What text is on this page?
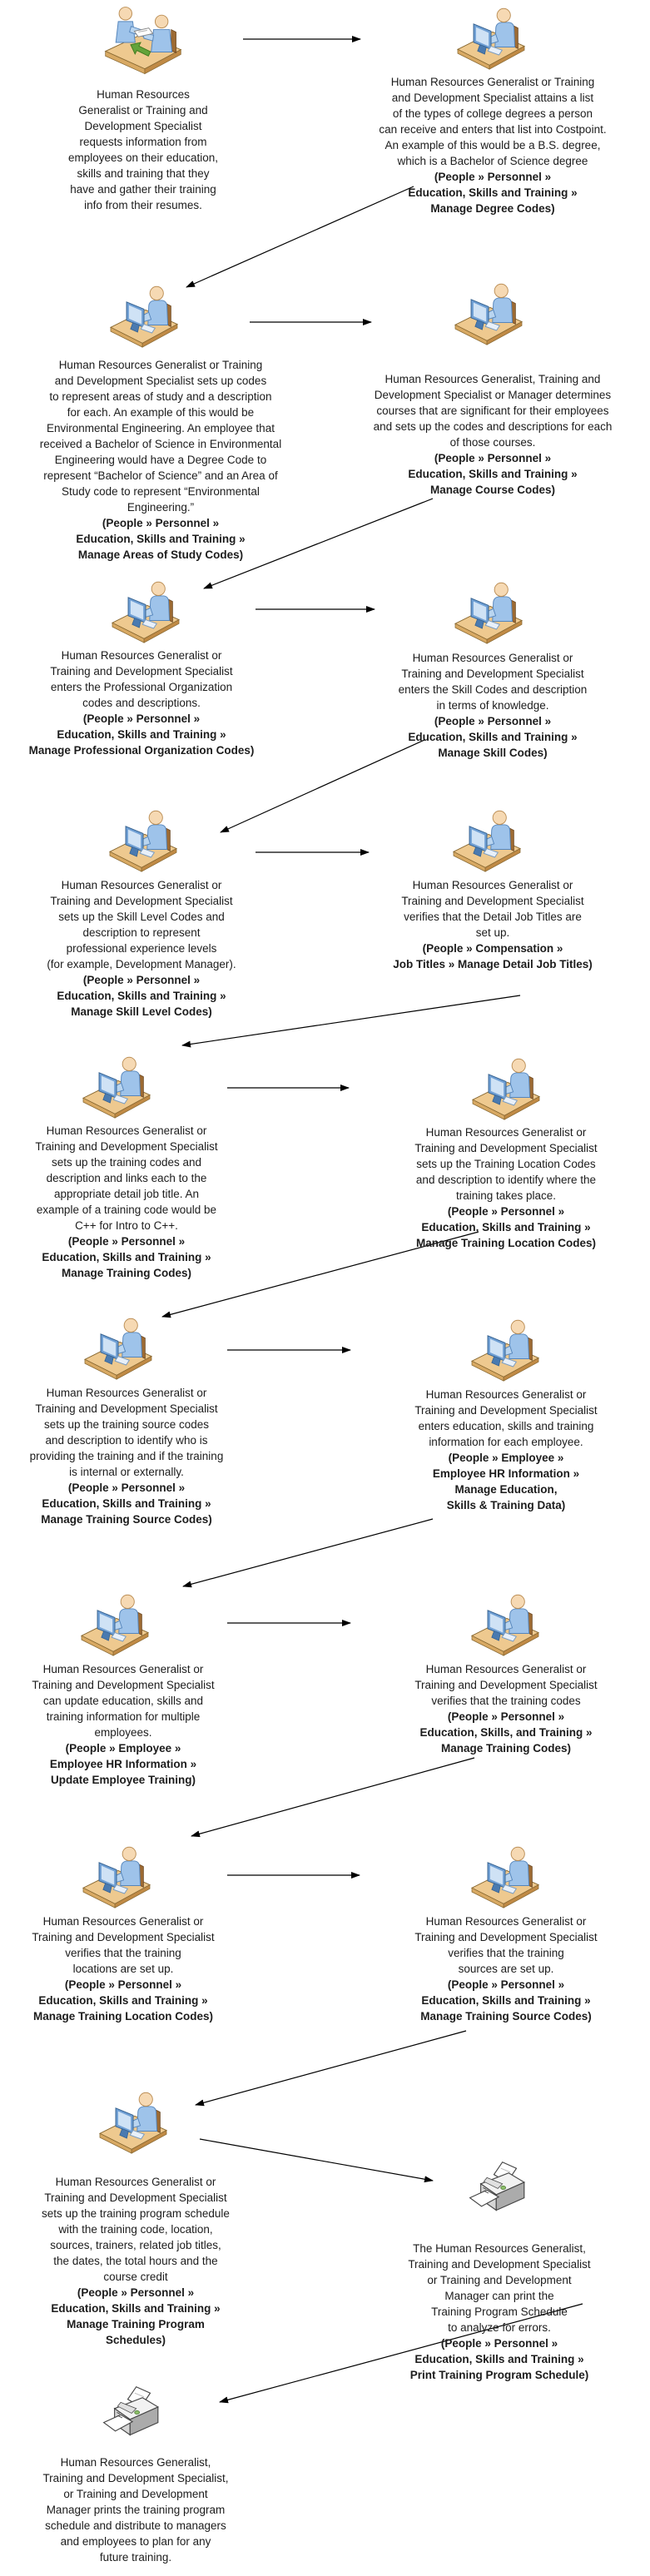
Human Resources
Generalist or Training and
Development Specialist
requests information from
employees on their education,
skills and training that they
have and gather their training
info from their resumes.
Human Resources Generalist or Training
and Development Specialist attains a list
of the types of college degrees a person
can receive and enters that list into Costpoint.
An example of this would be a B.S. degree,
which is a Bachelor of Science degree
(People » Personnel »
Education, Skills and Training »
Manage Degree Codes)
Human Resources Generalist or Training
and Development Specialist sets up codes
to represent areas of study and a description
for each. An example of this would be
Environmental Engineering. An employee that
received a Bachelor of Science in Environmental
Engineering would have a Degree Code to
represent “Bachelor of Science” and an Area of
Study code to represent “Environmental
Engineering.”
(People » Personnel »
Education, Skills and Training »
Manage Areas of Study Codes)
Human Resources Generalist, Training and
Development Specialist or Manager determines
courses that are significant for their employees
and sets up the codes and descriptions for each
of those courses.
(People » Personnel »
Education, Skills and Training »
Manage Course Codes)
Human Resources Generalist or
Training and Development Specialist
enters the Professional Organization
codes and descriptions.
(People » Personnel »
Education, Skills and Training »
Manage Professional Organization Codes)
Human Resources Generalist or
Training and Development Specialist
enters the Skill Codes and description
in terms of knowledge.
(People » Personnel »
Education, Skills and Training »
Manage Skill Codes)
Human Resources Generalist or
Training and Development Specialist
sets up the Skill Level Codes and
description to represent
professional experience levels
(for example, Development Manager).
(People » Personnel »
Education, Skills and Training »
Manage Skill Level Codes)
Human Resources Generalist or
Training and Development Specialist
verifies that the Detail Job Titles are
set up.
(People » Compensation »
Job Titles » Manage Detail Job Titles)
Human Resources Generalist or
Training and Development Specialist
sets up the training codes and
description and links each to the
appropriate detail job title. An
example of a training code would be
C++ for Intro to C++.
(People » Personnel »
Education, Skills and Training »
Manage Training Codes)
Human Resources Generalist or
Training and Development Specialist
sets up the Training Location Codes
and description to identify where the
training takes place.
(People » Personnel »
Education, Skills and Training »
Manage Training Location Codes)
Human Resources Generalist or
Training and Development Specialist
sets up the training source codes
and description to identify who is
providing the training and if the training
is internal or externally.
(People » Personnel »
Education, Skills and Training »
Manage Training Source Codes)
Human Resources Generalist or
Training and Development Specialist
enters education, skills and training
information for each employee.
(People » Employee »
Employee HR Information »
Manage Education,
Skills & Training Data)
Human Resources Generalist or
Training and Development Specialist
can update education, skills and
training information for multiple
employees.
(People » Employee »
Employee HR Information »
Update Employee Training)
Human Resources Generalist or
Training and Development Specialist
verifies that the training codes
(People » Personnel »
Education, Skills, and Training »
Manage Training Codes)
Human Resources Generalist or
Training and Development Specialist
verifies that the training
locations are set up.
(People » Personnel »
Education, Skills and Training »
Manage Training Location Codes)
Human Resources Generalist or
Training and Development Specialist
verifies that the training
sources are set up.
(People » Personnel »
Education, Skills and Training »
Manage Training Source Codes)
Human Resources Generalist or
Training and Development Specialist
sets up the training program schedule
with the training code, location,
sources, trainers, related job titles,
the dates, the total hours and the
course credit
(People » Personnel »
Education, Skills and Training »
Manage Training Program
Schedules)
The Human Resources Generalist,
Training and Development Specialist
or Training and Development
Manager can print the
Training Program Schedule
to analyze for errors.
(People » Personnel »
Education, Skills and Training »
Print Training Program Schedule)
Human Resources Generalist,
Training and Development Specialist,
or Training and Development
Manager prints the training program
schedule and distribute to managers
and employees to plan for any
future training.
